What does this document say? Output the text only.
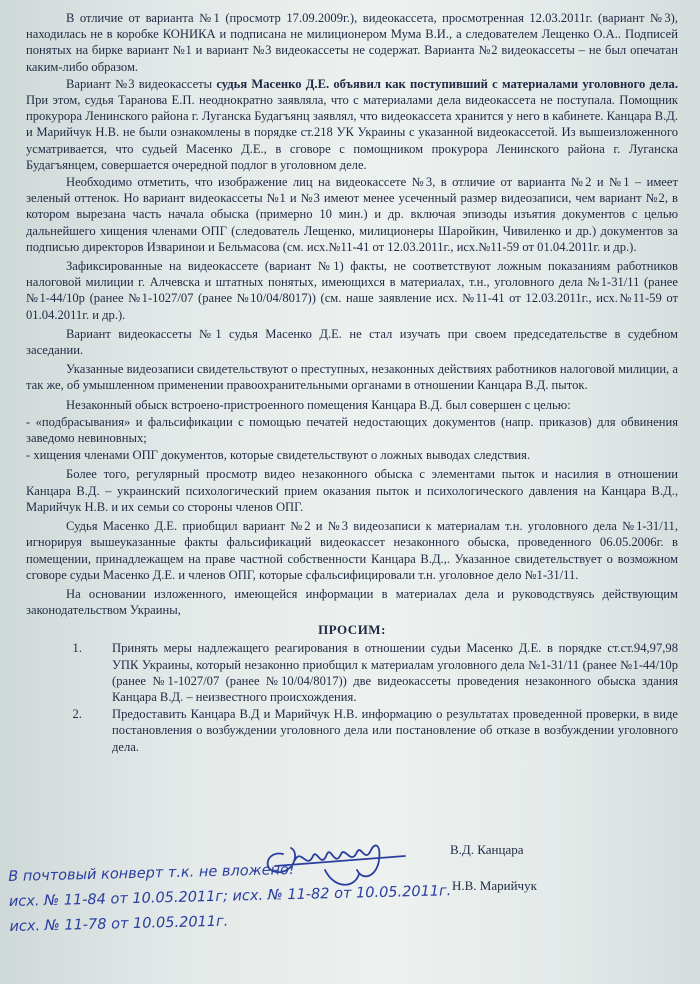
В отличие от варианта №1 (просмотр 17.09.2009г.), видеокассета, просмотренная 12.03.2011г. (вариант №3), находилась не в коробке КОНИКА и подписана не милиционером Мума В.И., а следователем Лещенко О.А.. Подписей понятых на бирке вариант №1 и вариант №3 видеокассеты не содержат. Вариантa №2 видеокассеты – не был опечатан каким-либо образом.

Вариант №3 видеокассеты судья Масенко Д.Е. объявил как поступивший с материалами уголовного дела. При этом, судья Таранова Е.П. неоднократно заявляла, что с материалами дела видеокассета не поступала. Помощник прокурора Ленинского района г. Луганска Будагъянц заявлял, что видеокассета хранится у него в кабинете. Канцара В.Д. и Марийчук Н.В. не были ознакомлены в порядке ст.218 УК Украины с указанной видеокассетой. Из вышеизложенного усматривается, что судьей Масенко Д.Е., в сговоре с помощником прокурора Ленинского района г. Луганска Будагъянцем, совершается очередной подлог в уголовном деле.

Необходимо отметить, что изображение лиц на видеокассете №3, в отличие от варианта №2 и №1 – имеет зеленый оттенок. Но вариант видеокассеты №1 и №3 имеют менее усеченный размер видеозаписи, чем вариант №2, в котором вырезана часть начала обыска (примерно 10 мин.) и др. включая эпизоды изъятия документов с целью дальнейшего хищения членами ОПГ (следователь Лещенко, милиционеры Шаройкин, Чивиленко и др.) документов за подписью директоров Изваринои и Бельмасова (см. исх.№11-41 от 12.03.2011г., исх.№11-59 от 01.04.2011г. и др.).

Зафиксированные на видеокассете (вариант №1) факты, не соответствуют ложным показаниям работников налоговой милиции г. Алчевска и штатных понятых, имеющихся в материалах, т.н., уголовного дела №1-31/11 (ранее №1-44/10р (ранее №1-1027/07 (ранее №10/04/8017)) (см. наше заявление исх. №11-41 от 12.03.2011г., исх.№11-59 от 01.04.2011г. и др.).

Вариант видеокассеты №1 судья Масенко Д.Е. не стал изучать при своем председательстве в судебном заседании.

Указанные видеозаписи свидетельствуют о преступных, незаконных действиях работников налоговой милиции, а так же, об умышленном применении правоохранительными органами в отношении Канцара В.Д. пыток.

Незаконный обыск встроено-пристроенного помещения Канцара В.Д. был совершен с целью:

- «подбрасывания» и фальсификации с помощью печатей недостающих документов (напр. приказов) для обвинения заведомо невиновных;

- хищения членами ОПГ документов, которые свидетельствуют о ложных выводах следствия.

Более того, регулярный просмотр видео незаконного обыска с элементами пыток и насилия в отношении Канцара В.Д. – украинский психологический прием оказания пыток и психологического давления на Канцара В.Д., Марийчук Н.В. и их семьи со стороны членов ОПГ.

Судья Масенко Д.Е. приобщил вариант №2 и №3 видеозаписи к материалам т.н. уголовного дела №1-31/11, игнорируя вышеуказанные факты фальсификаций видеокассет незаконного обыска, проведенного 06.05.2006г. в помещении, принадлежащем на праве частной собственности Канцара В.Д.,. Указанное свидетельствует о возможном сговоре судьи Масенко Д.Е. и членов ОПГ, которые сфальсифицировали т.н. уголовное дело №1-31/11.

На основании изложенного, имеющейся информации в материалах дела и руководствуясь действующим законодательством Украины,

ПРОСИМ:
1.	Принять меры надлежащего реагирования в отношении судьи Масенко Д.Е. в порядке ст.ст.94,97,98 УПК Украины, который незаконно приобщил к материалам уголовного дела №1-31/11 (ранее №1-44/10р (ранее №1-1027/07 (ранее №10/04/8017)) две видеокассеты проведения незаконного обыска здания Канцара В.Д. – неизвестного происхождения.
2.	Предоставить Канцара В.Д и Марийчук Н.В. информацию о результатах проведенной проверки, в виде постановления о возбуждении уголовного дела или постановление об отказе в возбуждении уголовного дела.
В.Д. Канцара
Н.В. Марийчук
В почтовый конверт т.к. не вложено!
исх. № 11-84 от 10.05.2011г; исх. № 11-82 от 10.05.2011г.
исх. № 11-78 от 10.05.2011г.
